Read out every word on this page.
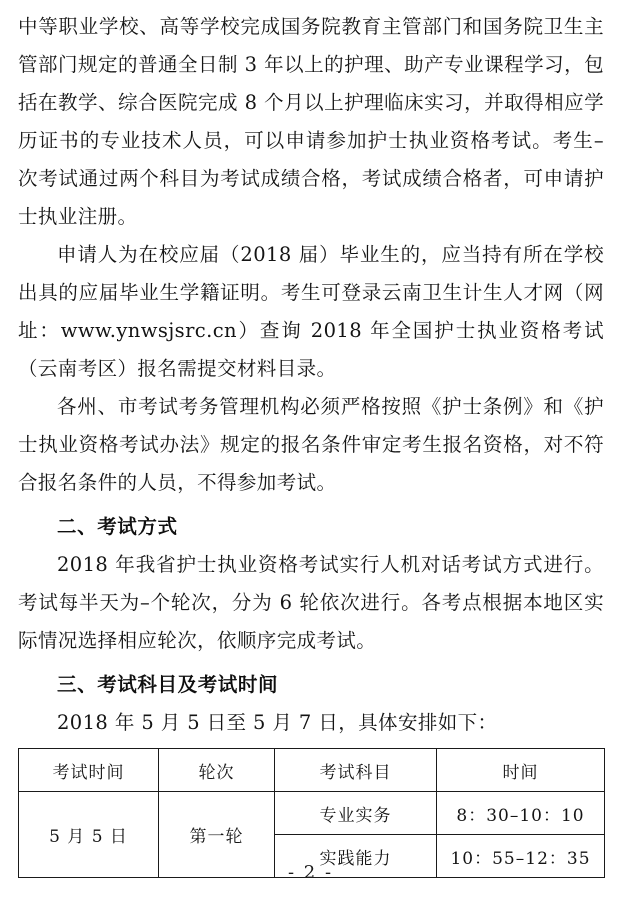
中等职业学校、高等学校完成国务院教育主管部门和国务院卫生主管部门规定的普通全日制 3 年以上的护理、助产专业课程学习，包括在教学、综合医院完成 8 个月以上护理临床实习，并取得相应学历证书的专业技术人员，可以申请参加护士执业资格考试。考生–次考试通过两个科目为考试成绩合格，考试成绩合格者，可申请护士执业注册。

申请人为在校应届（2018 届）毕业生的，应当持有所在学校出具的应届毕业生学籍证明。考生可登录云南卫生计生人才网（网址：www.ynwsjsrc.cn）查询 2018 年全国护士执业资格考试（云南考区）报名需提交材料目录。

各州、市考试考务管理机构必须严格按照《护士条例》和《护士执业资格考试办法》规定的报名条件审定考生报名资格，对不符合报名条件的人员，不得参加考试。

二、考试方式

2018 年我省护士执业资格考试实行人机对话考试方式进行。考试每半天为–个轮次，分为 6 轮依次进行。各考点根据本地区实际情况选择相应轮次，依顺序完成考试。

三、考试科目及考试时间

2018 年 5 月 5 日至 5 月 7 日，具体安排如下：

考试时间	轮次	考试科目	时间
5 月 5 日	第一轮	专业实务	8：30–10：10
		实践能力	10：55–12：35
- 2 -
